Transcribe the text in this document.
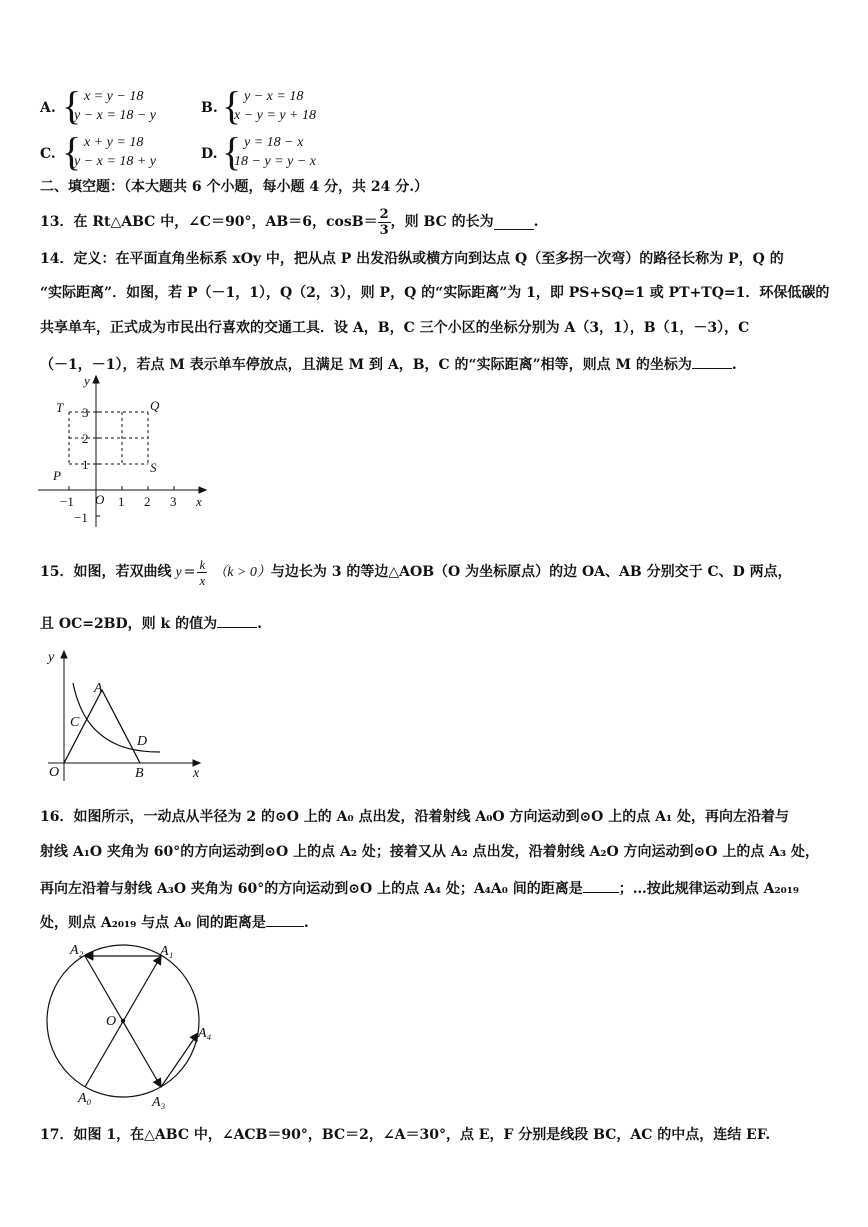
A. { x = y − 18
y − x = 18 − y	B. { y − x = 18
x − y = y + 18
C. { x + y = 18
y − x = 18 + y	D. { y = 18 − x
18 − y = y − x
二、填空题：（本大题共 6 个小题，每小题 4 分，共 24 分.）
13．在 Rt△ABC 中，∠C＝90°，AB＝6，$\cos B= \frac{2}{3}$ ，则 BC 的长为	.
14．定义：在平面直角坐标系 xOy 中，把从点 P 出发沿纵或横方向到达点 Q（至多拐一次弯）的路径长称为 P，Q 的
“实际距离”．如图，若 P（－1，1），Q（2，3），则 P，Q 的“实际距离”为 1，即 PS+SQ=1 或 PT+TQ=1．环保低碳的
共享单车，正式成为市民出行喜欢的交通工具．设 A，B，C 三个小区的坐标分别为 A（3，1），B（1，－3），C
（－1，－1），若点 M 表示单车停放点，且满足 M 到 A，B，C 的“实际距离”相等，则点 M 的坐标为	.
y
x
T	Q
P
S
O
3
2
1
−1	1 2 3
−1
15．如图，若双曲线 $y = \frac{k}{x} (k > 0)$ 与边长为 3 的等边△AOB（O 为坐标原点）的边 OA、AB 分别交于 C、D 两点，
且 OC=2BD，则 k 的值为	.
y
x
O
A
B
C
D
16．如图所示，一动点从半径为 2 的⊙O 上的 A₀ 点出发，沿着射线 A₀O 方向运动到⊙O 上的点 A₁ 处，再向左沿着与
射线 A₁O 夹角为 60°的方向运动到⊙O 上的点 A₂ 处；接着又从 A₂ 点出发，沿着射线 A₂O 方向运动到⊙O 上的点 A₃ 处，
再向左沿着与射线 A₃O 夹角为 60°的方向运动到⊙O 上的点 A₄ 处；A₄A₀ 间的距离是	；…按此规律运动到点 A₂₀₁₉
处，则点 A₂₀₁₉ 与点 A₀ 间的距离是	.
O
A₀
A₁
A₂
A₃
A₄
17．如图 1，在△ABC 中，∠ACB＝90°，BC＝2，∠A＝30°，点 E，F 分别是线段 BC，AC 的中点，连结 EF.
